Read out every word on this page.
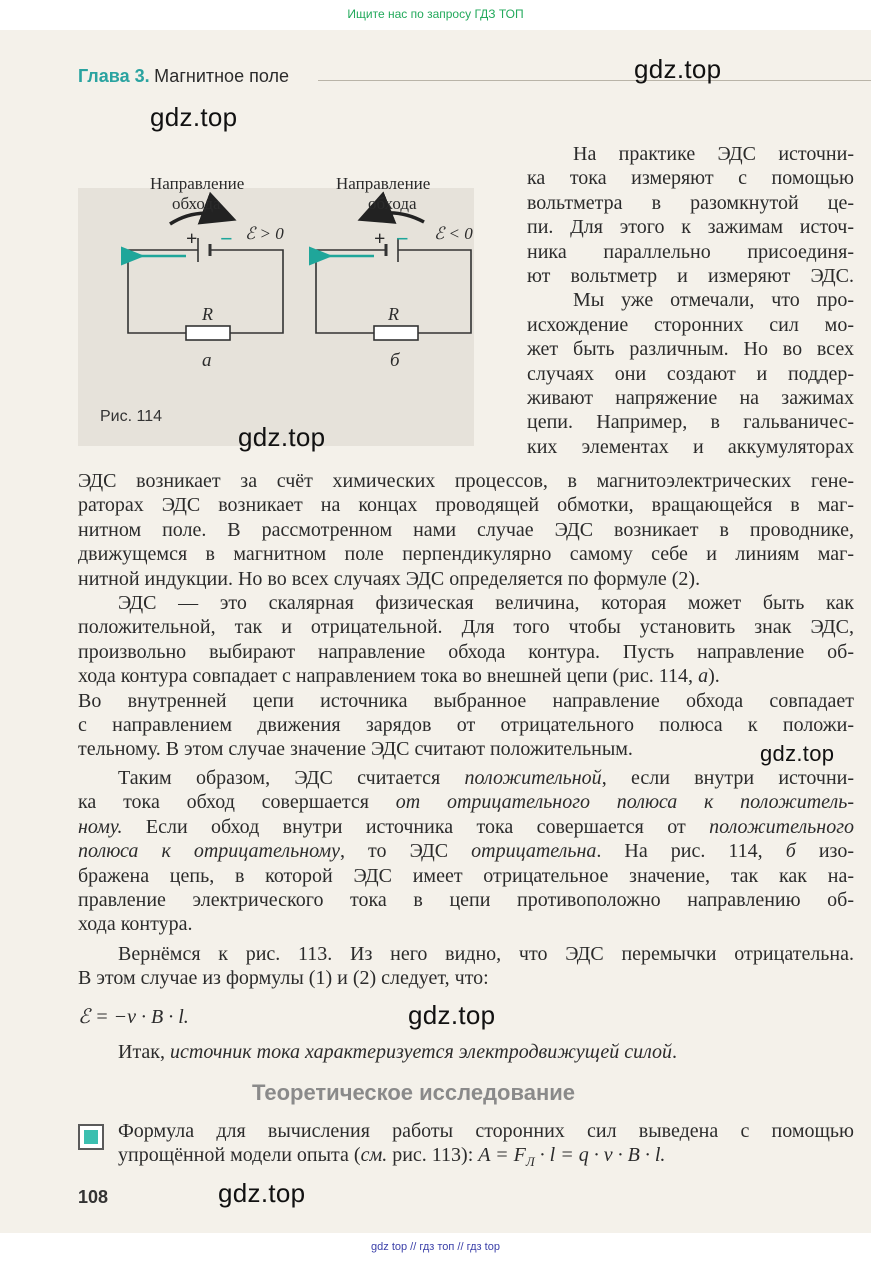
Ищите нас по запросу ГДЗ ТОП
Глава 3. Магнитное поле
Направление
обхода
+ − ℰ > 0
R
а
Направление
обхода
+ − ℰ < 0
R
б
Рис. 114
На практике ЭДС источни-
ка тока измеряют с помощью
вольтметра в разомкнутой це-
пи. Для этого к зажимам источ-
ника параллельно присоединя-
ют вольтметр и измеряют ЭДС.
Мы уже отмечали, что про-
исхождение сторонних сил мо-
жет быть различным. Но во всех
случаях они создают и поддер-
живают напряжение на зажимах
цепи. Например, в гальваничес-
ких элементах и аккумуляторах
ЭДС возникает за счёт химических процессов, в магнитоэлектрических гене-
раторах ЭДС возникает на концах проводящей обмотки, вращающейся в маг-
нитном поле. В рассмотренном нами случае ЭДС возникает в проводнике,
движущемся в магнитном поле перпендикулярно самому себе и линиям маг-
нитной индукции. Но во всех случаях ЭДС определяется по формуле (2).
ЭДС — это скалярная физическая величина, которая может быть как
положительной, так и отрицательной. Для того чтобы установить знак ЭДС,
произвольно выбирают направление обхода контура. Пусть направление об-
хода контура совпадает с направлением тока во внешней цепи (рис. 114, а).
Во внутренней цепи источника выбранное направление обхода совпадает
с направлением движения зарядов от отрицательного полюса к положи-
тельному. В этом случае значение ЭДС считают положительным.
Таким образом, ЭДС считается положительной, если внутри источни-
ка тока обход совершается от отрицательного полюса к положитель-
ному. Если обход внутри источника тока совершается от положительного
полюса к отрицательному, то ЭДС отрицательна. На рис. 114, б изо-
бражена цепь, в которой ЭДС имеет отрицательное значение, так как на-
правление электрического тока в цепи противоположно направлению об-
хода контура.
Вернёмся к рис. 113. Из него видно, что ЭДС перемычки отрицательна.
В этом случае из формулы (1) и (2) следует, что:
ℰ = −v · B · l.
Итак, источник тока характеризуется электродвижущей силой.
Теоретическое исследование
Формула для вычисления работы сторонних сил выведена с помощью
упрощённой модели опыта (см. рис. 113): $A = F_Л \cdot l = q \cdot v \cdot B \cdot l$.
108
gdz.top
gdz.top
gdz.top
gdz.top
gdz.top
gdz.top
gdz top // гдз топ // гдз top
